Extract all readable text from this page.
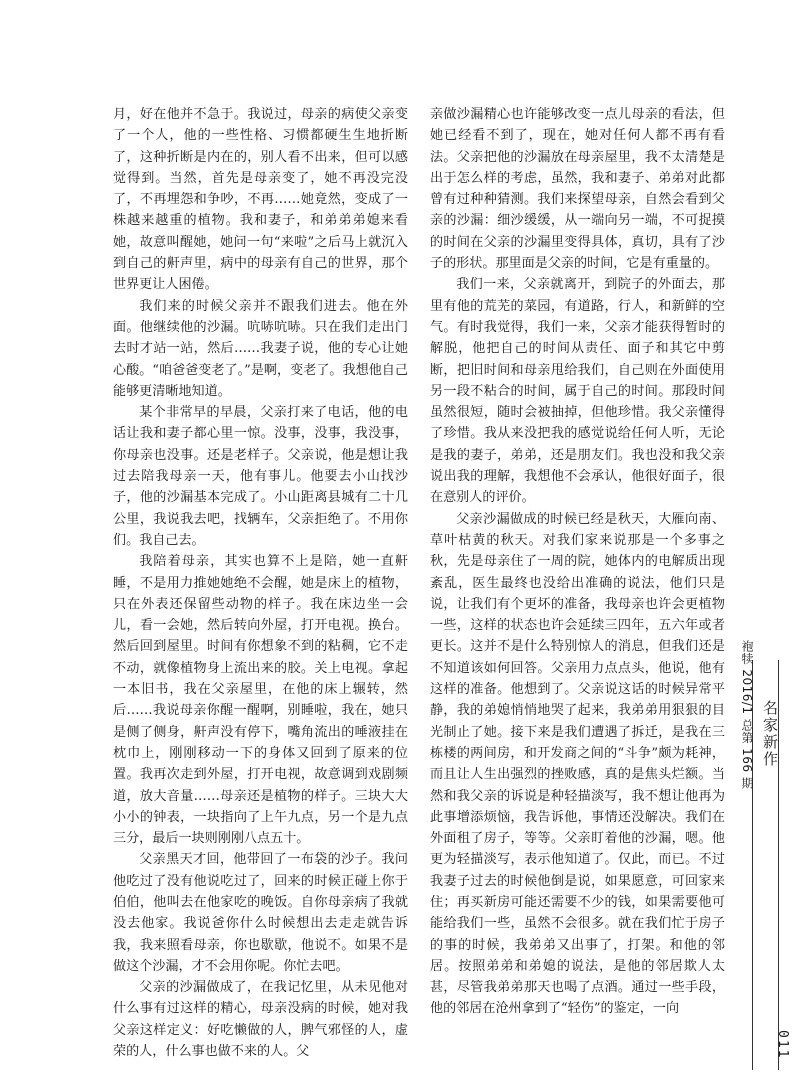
月，好在他并不急于。我说过，母亲的病使父亲变了一个人，他的一些性格、习惯都硬生生地折断了，这种折断是内在的，别人看不出来，但可以感觉得到。当然，首先是母亲变了，她不再没完没了，不再埋怨和争吵，不再……她竟然，变成了一株越来越重的植物。我和妻子，和弟弟弟媳来看她，故意叫醒她，她问一句“来啦”之后马上就沉入到自己的鼾声里，病中的母亲有自己的世界，那个世界更让人困倦。

我们来的时候父亲并不跟我们进去。他在外面。他继续他的沙漏。吭哧吭哧。只在我们走出门去时才站一站，然后……我妻子说，他的专心让她心酸。“咱爸爸变老了。”是啊，变老了。我想他自己能够更清晰地知道。

某个非常早的早晨，父亲打来了电话，他的电话让我和妻子都心里一惊。没事，没事，我没事，你母亲也没事。还是老样子。父亲说，他是想让我过去陪我母亲一天，他有事儿。他要去小山找沙子，他的沙漏基本完成了。小山距离县城有二十几公里，我说我去吧，找辆车，父亲拒绝了。不用你们。我自己去。

我陪着母亲，其实也算不上是陪，她一直鼾睡，不是用力推她她绝不会醒，她是床上的植物，只在外表还保留些动物的样子。我在床边坐一会儿，看一会她，然后转向外屋，打开电视。换台。然后回到屋里。时间有你想象不到的粘稠，它不走不动，就像植物身上流出来的胶。关上电视。拿起一本旧书，我在父亲屋里，在他的床上辗转，然后……我说母亲你醒一醒啊，别睡啦，我在，她只是侧了侧身，鼾声没有停下，嘴角流出的唾液挂在枕巾上，刚刚移动一下的身体又回到了原来的位置。我再次走到外屋，打开电视，故意调到戏剧频道，放大音量……母亲还是植物的样子。三块大大小小的钟表，一块指向了上午九点，另一个是九点三分，最后一块则刚刚八点五十。

父亲黑天才回，他带回了一布袋的沙子。我问他吃过了没有他说吃过了，回来的时候正碰上你于伯伯，他叫去在他家吃的晚饭。自你母亲病了我就没去他家。我说爸你什么时候想出去走走就告诉我，我来照看母亲，你也歇歇，他说不。如果不是做这个沙漏，才不会用你呢。你忙去吧。

父亲的沙漏做成了，在我记忆里，从未见他对什么事有过这样的精心，母亲没病的时候，她对我父亲这样定义：好吃懒做的人，脾气邪怪的人，虚荣的人，什么事也做不来的人。父

亲做沙漏精心也许能够改变一点儿母亲的看法，但她已经看不到了，现在，她对任何人都不再有看法。父亲把他的沙漏放在母亲屋里，我不太清楚是出于怎么样的考虑，虽然，我和妻子、弟弟对此都曾有过种种猜测。我们来探望母亲，自然会看到父亲的沙漏：细沙缓缓，从一端向另一端，不可捉摸的时间在父亲的沙漏里变得具体，真切，具有了沙子的形状。那里面是父亲的时间，它是有重量的。

我们一来，父亲就离开，到院子的外面去，那里有他的荒芜的菜园，有道路，行人，和新鲜的空气。有时我觉得，我们一来，父亲才能获得暂时的解脱，他把自己的时间从责任、面子和其它中剪断，把旧时间和母亲甩给我们，自己则在外面使用另一段不粘合的时间，属于自己的时间。那段时间虽然很短，随时会被抽掉，但他珍惜。我父亲懂得了珍惜。我从来没把我的感觉说给任何人听，无论是我的妻子，弟弟，还是朋友们。我也没和我父亲说出我的理解，我想他不会承认，他很好面子，很在意别人的评价。

父亲沙漏做成的时候已经是秋天，大雁向南、草叶枯黄的秋天。对我们家来说那是一个多事之秋，先是母亲住了一周的院，她体内的电解质出现紊乱，医生最终也没给出准确的说法，他们只是说，让我们有个更坏的准备，我母亲也许会更植物一些，这样的状态也许会延续三四年，五六年或者更长。这并不是什么特别惊人的消息，但我们还是不知道该如何回答。父亲用力点点头，他说，他有这样的准备。他想到了。父亲说这话的时候异常平静，我的弟媳悄悄地哭了起来，我弟弟用狠狠的目光制止了她。接下来是我们遭遇了拆迁，是我在三栋楼的两间房，和开发商之间的“斗争”颇为耗神，而且让人生出强烈的挫败感，真的是焦头烂额。当然和我父亲的诉说是种轻描淡写，我不想让他再为此事增添烦恼，我告诉他，事情还没解决。我们在外面租了房子，等等。父亲盯着他的沙漏，嗯。他更为轻描淡写，表示他知道了。仅此，而已。不过我妻子过去的时候他倒是说，如果愿意，可回家来住；再买新房可能还需要不少的钱，如果需要他可能给我们一些，虽然不会很多。就在我们忙于房子的事的时候，我弟弟又出事了，打架。和他的邻居。按照弟弟和弟媳的说法，是他的邻居欺人太甚，尽管我弟弟那天也喝了点酒。通过一些手段，他的邻居在沧州拿到了“轻伤”的鉴定，一向

袍犊 2016/1 总第 166 期 名家新作
011
